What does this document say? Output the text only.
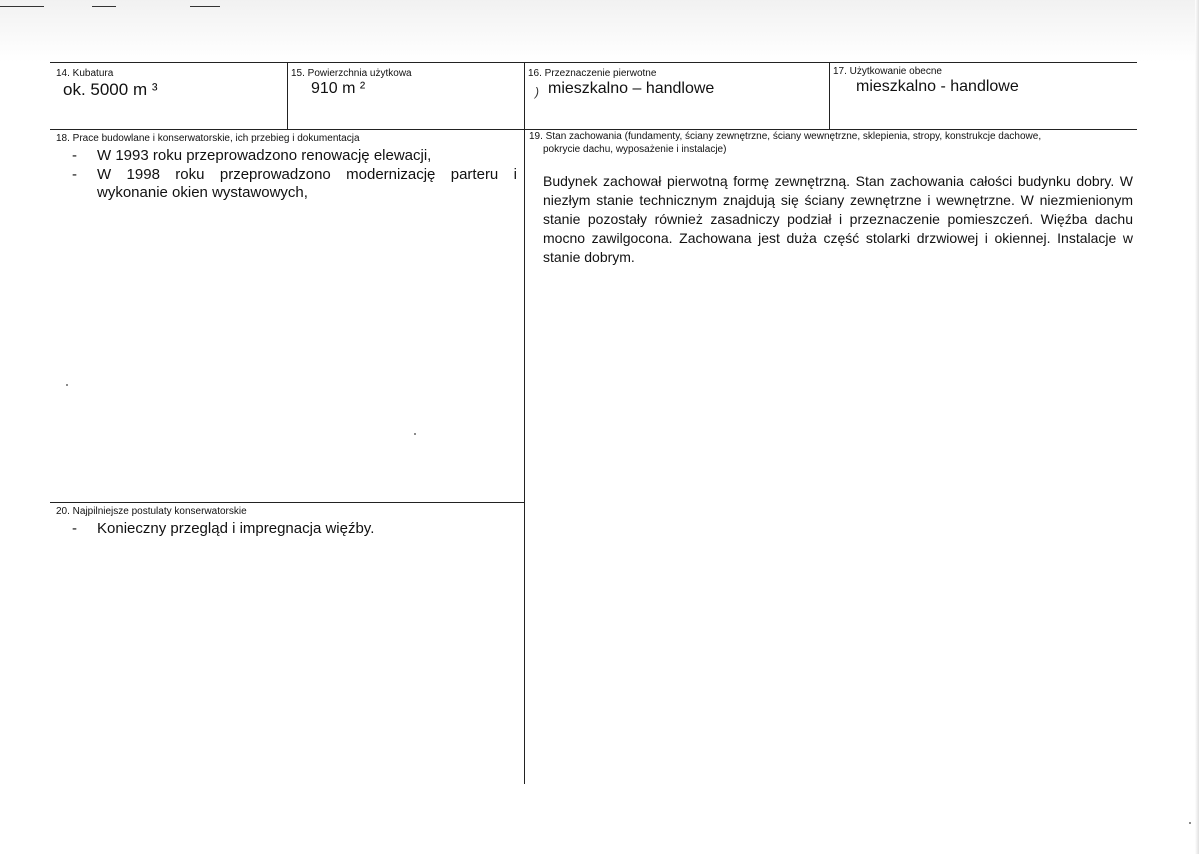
14. Kubatura
ok. 5000 m ³
15. Powierzchnia użytkowa
910 m ²
16. Przeznaczenie pierwotne
) mieszkalno – handlowe
17. Użytkowanie obecne
mieszkalno - handlowe
18. Prace budowlane i konserwatorskie, ich przebieg i dokumentacja
- W 1993 roku przeprowadzono renowację elewacji,
- W 1998 roku przeprowadzono modernizację parteru i wykonanie okien wystawowych,
19. Stan zachowania (fundamenty, ściany zewnętrzne, ściany wewnętrzne, sklepienia, stropy, konstrukcje dachowe,
pokrycie dachu, wyposażenie i instalacje)
Budynek zachował pierwotną formę zewnętrzną. Stan zachowania całości budynku dobry. W niezłym stanie technicznym znajdują się ściany zewnętrzne i wewnętrzne. W niezmienionym stanie pozostały również zasadniczy podział i przeznaczenie pomieszczeń. Więźba dachu mocno zawilgocona. Zachowana jest duża część stolarki drzwiowej i okiennej. Instalacje w stanie dobrym.
20. Najpilniejsze postulaty konserwatorskie
- Konieczny przegląd i impregnacja więźby.
